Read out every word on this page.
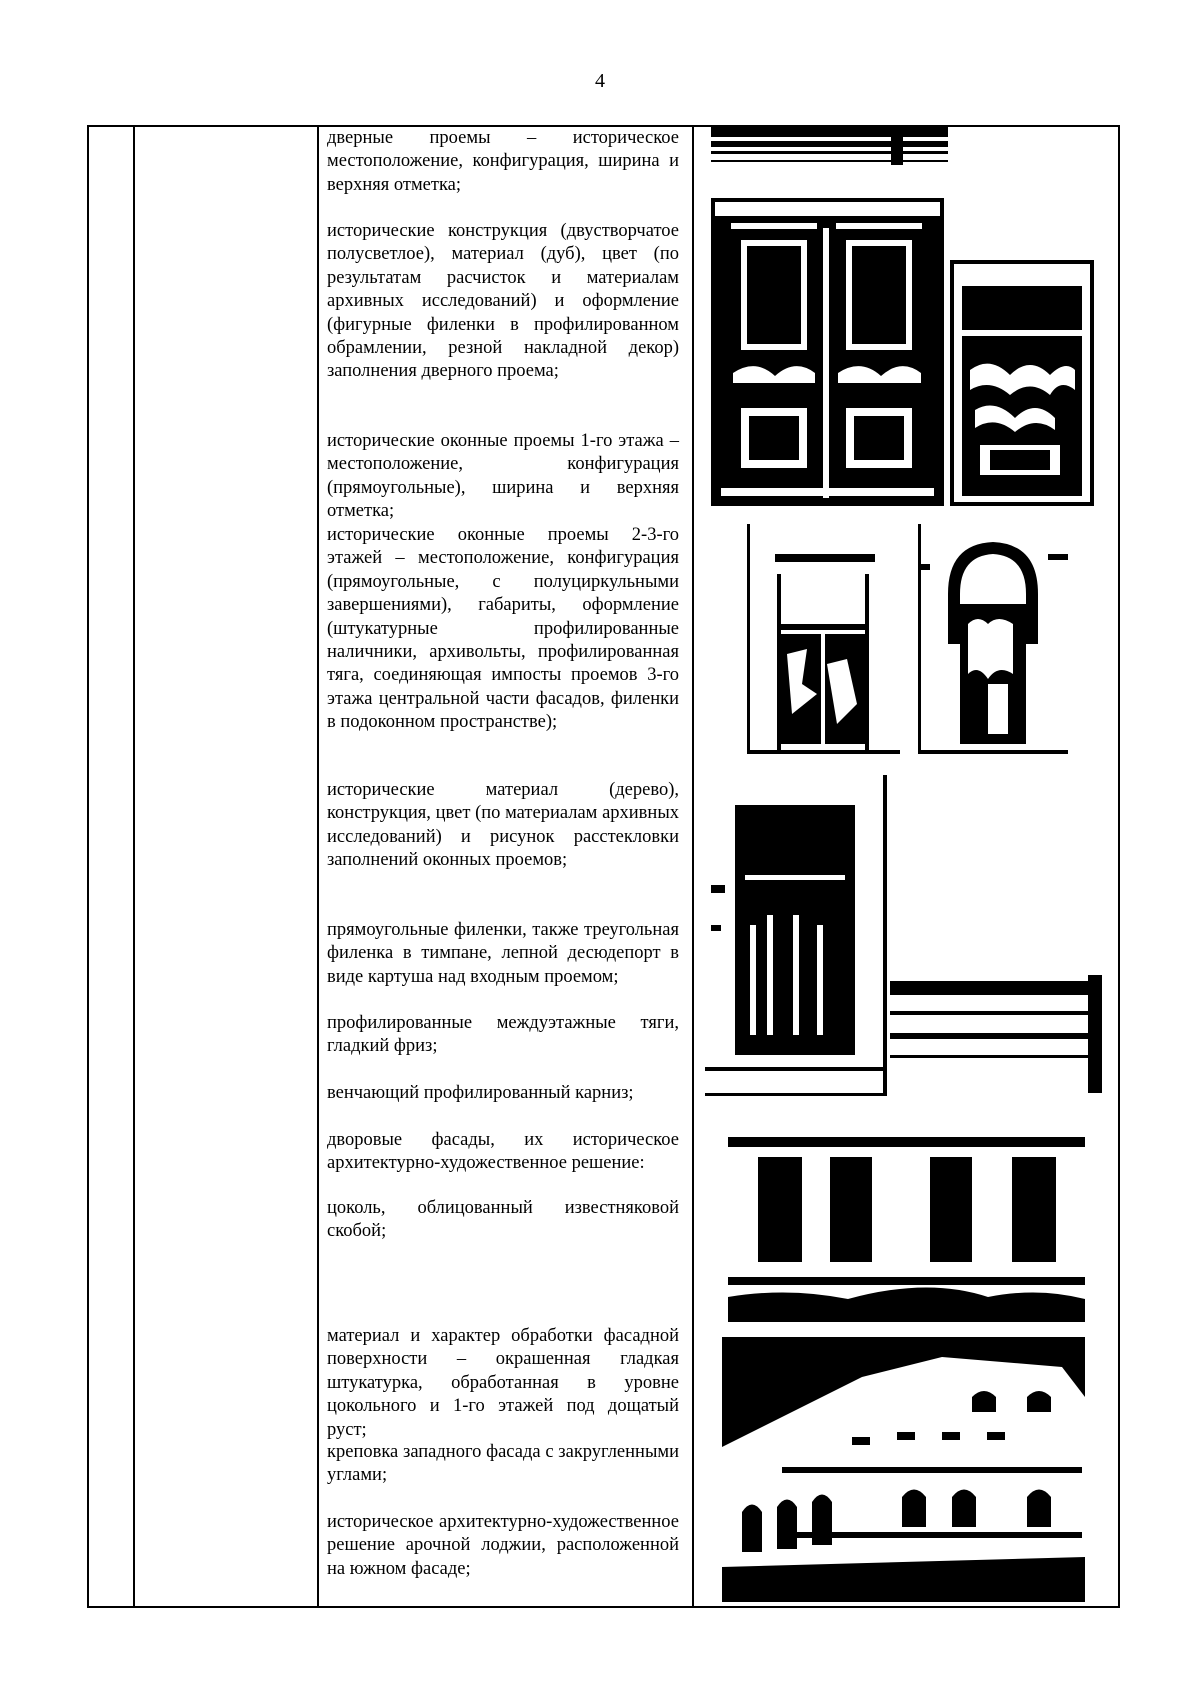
4
дверные проемы – историческое местоположение, конфигурация, ширина и верхняя отметка;
исторические конструкция (двустворчатое полусветлое), материал (дуб), цвет (по результатам расчисток и материалам архивных исследований) и оформление (фигурные филенки в профилированном обрамлении, резной накладной декор) заполнения дверного проема;
исторические оконные проемы 1-го этажа – местоположение, конфигурация (прямоугольные), ширина и верхняя отметка;
исторические оконные проемы 2-3-го этажей – местоположение, конфигурация (прямоугольные, с полуциркульными завершениями), габариты, оформление (штукатурные профилированные наличники, архивольты, профилированная тяга, соединяющая импосты проемов 3-го этажа центральной части фасадов, филенки в подоконном пространстве);
исторические материал (дерево), конструкция, цвет (по материалам архивных исследований) и рисунок расстекловки заполнений оконных проемов;
прямоугольные филенки, также треугольная филенка в тимпане, лепной десюдепорт в виде картуша над входным проемом;
профилированные междуэтажные тяги, гладкий фриз;
венчающий профилированный карниз;
дворовые фасады, их историческое архитектурно-художественное решение:
цоколь, облицованный известняковой скобой;
материал и характер обработки фасадной поверхности – окрашенная гладкая штукатурка, обработанная в уровне цокольного и 1-го этажей под дощатый руст;
креповка западного фасада с закругленными углами;
историческое архитектурно-художественное решение арочной лоджии, расположенной на южном фасаде;
